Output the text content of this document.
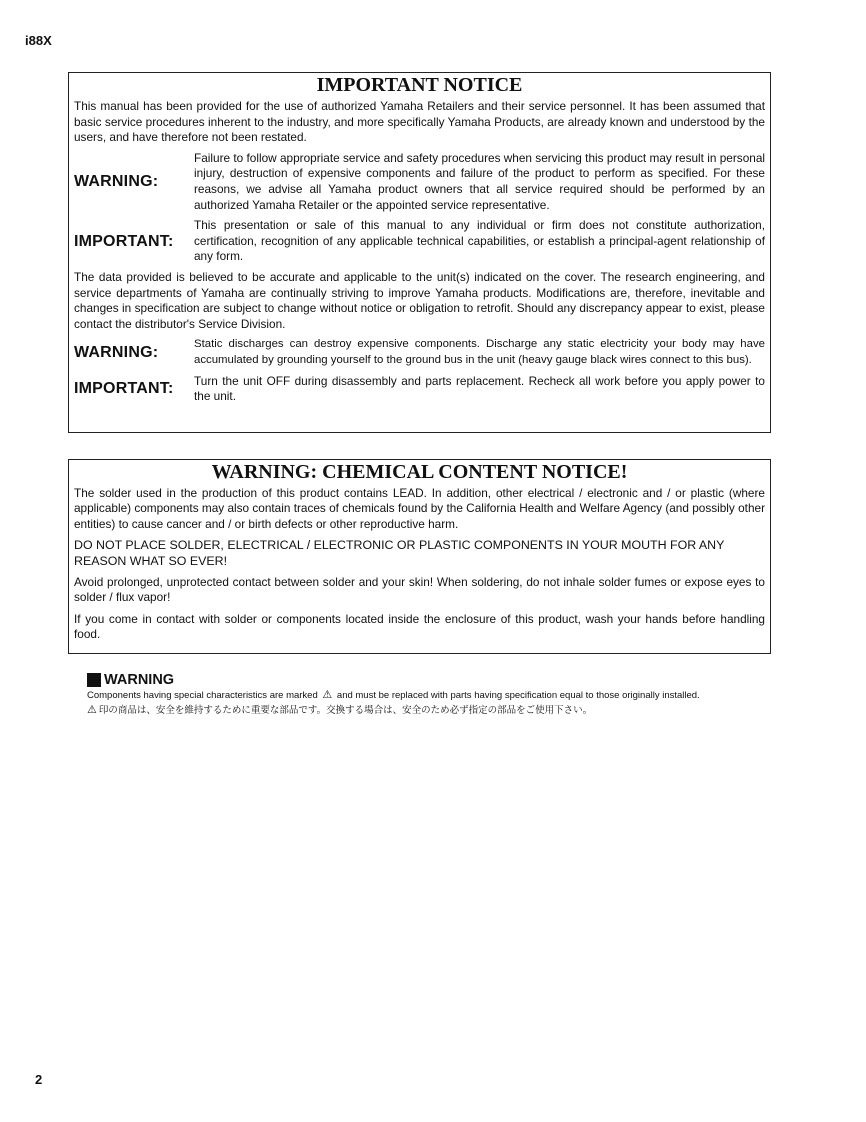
i88X
IMPORTANT NOTICE

This manual has been provided for the use of authorized Yamaha Retailers and their service personnel. It has been assumed that basic service procedures inherent to the industry, and more specifically Yamaha Products, are already known and understood by the users, and have therefore not been restated.

WARNING:
Failure to follow appropriate service and safety procedures when servicing this product may result in personal injury, destruction of expensive components and failure of the product to perform as specified. For these reasons, we advise all Yamaha product owners that all service required should be performed by an authorized Yamaha Retailer or the appointed service representative.
IMPORTANT:
This presentation or sale of this manual to any individual or firm does not constitute authorization, certification, recognition of any applicable technical capabilities, or establish a principal-agent relationship of any form.

The data provided is believed to be accurate and applicable to the unit(s) indicated on the cover. The research engineering, and service departments of Yamaha are continually striving to improve Yamaha products. Modifications are, therefore, inevitable and changes in specification are subject to change without notice or obligation to retrofit. Should any discrepancy appear to exist, please contact the distributor's Service Division.

WARNING:	Static discharges can destroy expensive components. Discharge any static electricity your body may have accumulated by grounding yourself to the ground bus in the unit (heavy gauge black wires connect to this bus).
IMPORTANT:	Turn the unit OFF during disassembly and parts replacement. Recheck all work before you apply power to the unit.
WARNING: CHEMICAL CONTENT NOTICE!

The solder used in the production of this product contains LEAD. In addition, other electrical / electronic and / or plastic (where applicable) components may also contain traces of chemicals found by the California Health and Welfare Agency (and possibly other entities) to cause cancer and / or birth defects or other reproductive harm.

DO NOT PLACE SOLDER, ELECTRICAL / ELECTRONIC OR PLASTIC COMPONENTS IN YOUR MOUTH FOR ANY REASON WHAT SO EVER!

Avoid prolonged, unprotected contact between solder and your skin! When soldering, do not inhale solder fumes or expose eyes to solder / flux vapor!

If you come in contact with solder or components located inside the enclosure of this product, wash your hands before handling food.

WARNING
Components having special characteristics are marked ⚠ and must be replaced with parts having specification equal to those originally installed.
⚠ 印の商品は、安全を維持するために重要な部品です。交換する場合は、安全のため必ず指定の部品をご使用下さい。
2
